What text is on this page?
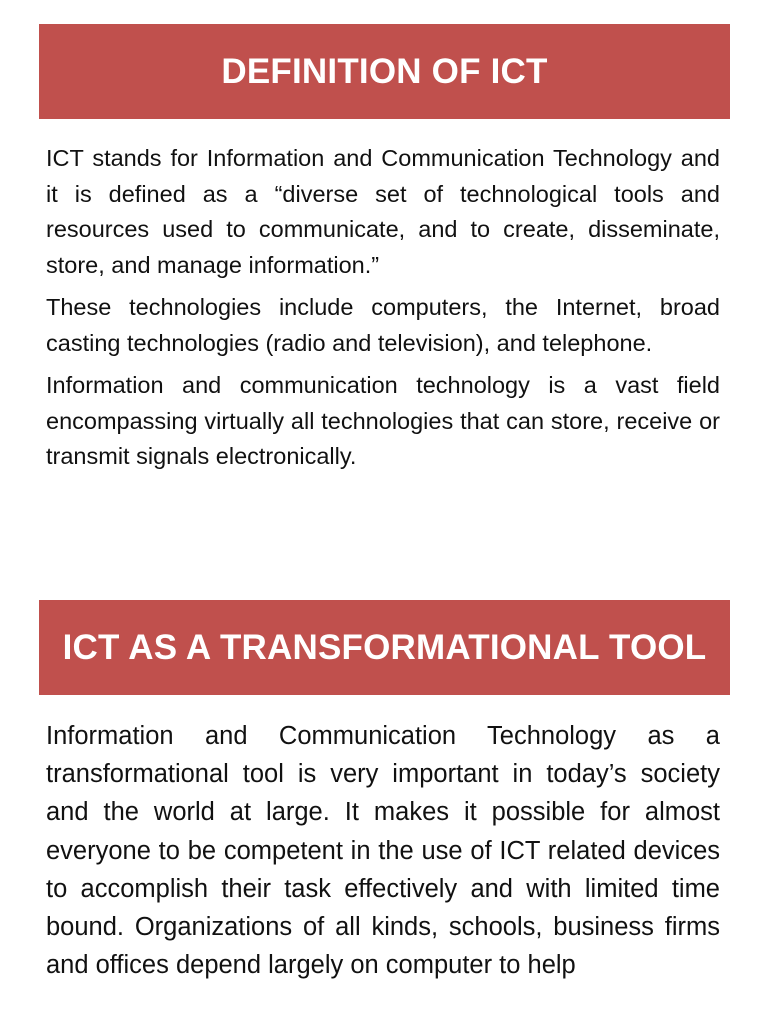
DEFINITION OF ICT

ICT stands for Information and Communication Technology and it is defined as a “diverse set of technological tools and resources used to communicate, and to create, disseminate, store, and manage information.”

These technologies include computers, the Internet, broad casting technologies (radio and television), and telephone.

Information and communication technology is a vast field encompassing virtually all technologies that can store, receive or transmit signals electronically.

ICT AS A TRANSFORMATIONAL TOOL

Information and Communication Technology as a transformational tool is very important in today’s society and the world at large. It makes it possible for almost everyone to be competent in the use of ICT related devices to accomplish their task effectively and with limited time bound. Organizations of all kinds, schools, business firms and offices depend largely on computer to help
